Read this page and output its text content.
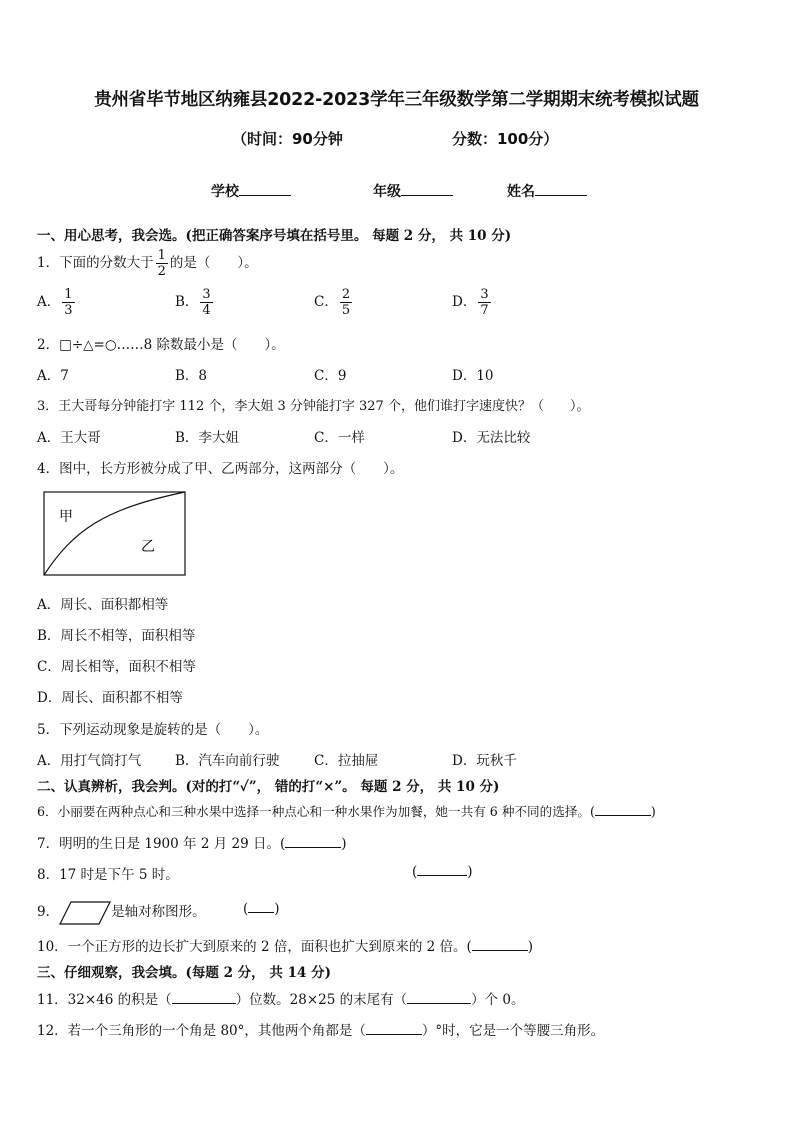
贵州省毕节地区纳雍县2022-2023学年三年级数学第二学期期末统考模拟试题
（时间：90分钟	分数：100分）
学校	年级	姓名
一、用心思考，我会选。(把正确答案序号填在括号里。 每题 2 分， 共 10 分)
1．下面的分数大于 $\frac{1}{2}$ 的是（　　）。
A． $\frac{1}{3}$	B． $\frac{3}{4}$	C． $\frac{2}{5}$	D． $\frac{3}{7}$
2．□÷△=○……8 除数最小是（　　）。
A．7	B．8	C．9	D．10
3．王大哥每分钟能打字 112 个，李大姐 3 分钟能打字 327 个，他们谁打字速度快？（　　）。
A．王大哥	B．李大姐	C．一样	D．无法比较
4．图中，长方形被分成了甲、乙两部分，这两部分（　　）。
甲
乙
A．周长、面积都相等
B．周长不相等，面积相等
C．周长相等，面积不相等
D．周长、面积都不相等
5．下列运动现象是旋转的是（　　）。
A．用打气筒打气	B．汽车向前行驶	C．拉抽屉	D．玩秋千
二、认真辨析，我会判。(对的打“✓”， 错的打“×”。 每题 2 分， 共 10 分)
6．小丽要在两种点心和三种水果中选择一种点心和一种水果作为加餐，她一共有 6 种不同的选择。(	)
7．明明的生日是 1900 年 2 月 29 日。(	)
8．17 时是下午 5 时。	(	)
9．	是轴对称图形。	( )
10．一个正方形的边长扩大到原来的 2 倍，面积也扩大到原来的 2 倍。(	)
三、仔细观察，我会填。(每题 2 分， 共 14 分)
11．32×46 的积是（	）位数。28×25 的末尾有（	）个 0。
12．若一个三角形的一个角是 80°，其他两个角都是（	）°时，它是一个等腰三角形。
